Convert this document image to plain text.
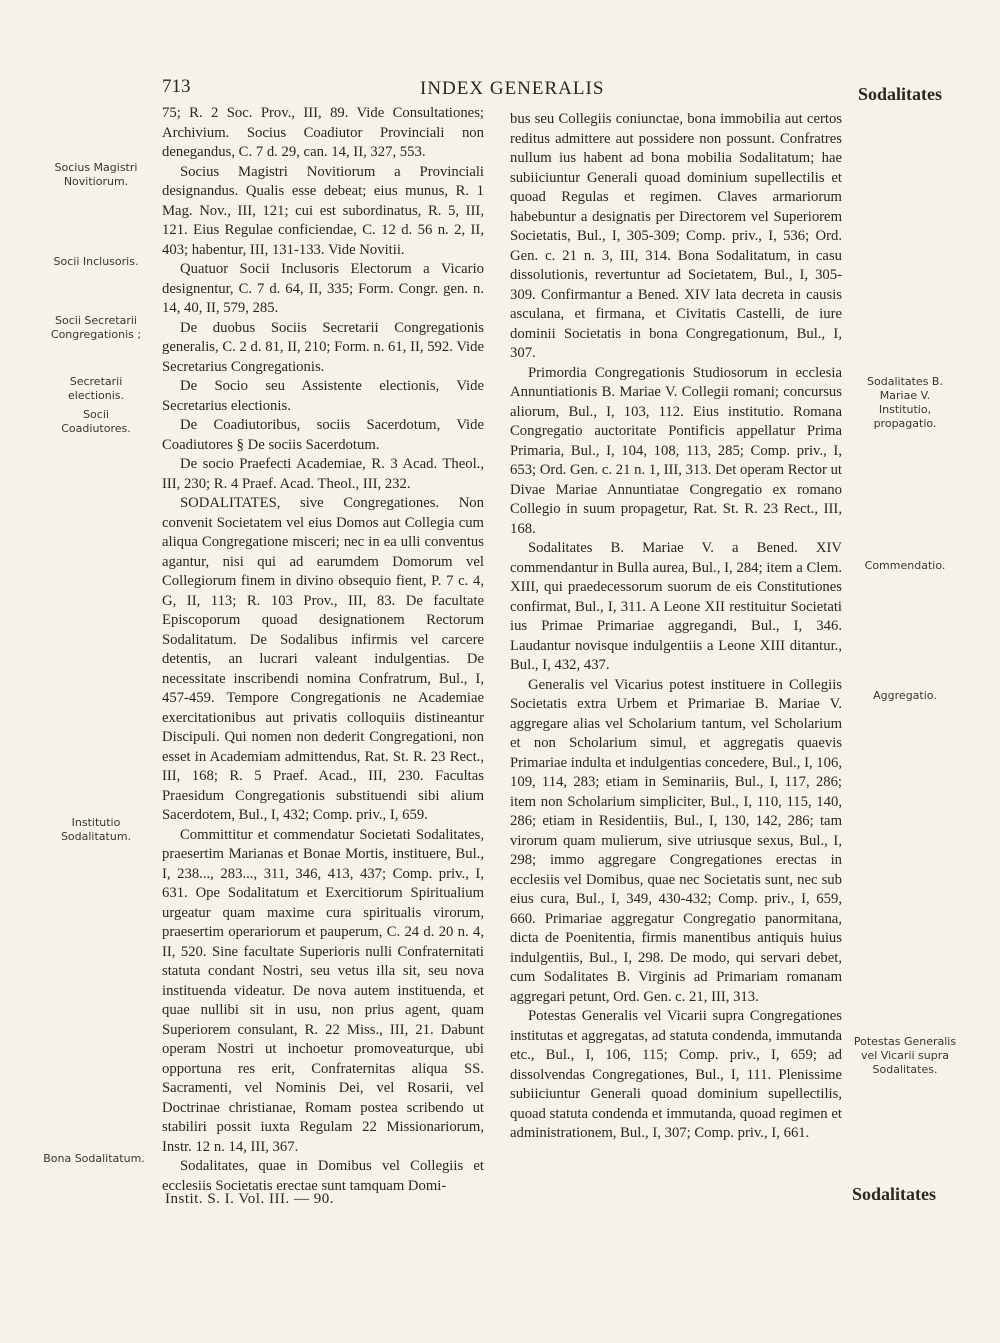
713	INDEX GENERALIS	Sodalitates
Socius Magistri Novitiorum.
Socii Inclusoris.
Socii Secretarii Congregationis ;
Secretarii electionis.
Socii Coadiutores.
Institutio Sodalitatum.
Bona Sodalitatum.
Sodalitates B. Mariae V. Institutio, propagatio.
Commendatio.
Aggregatio.
Potestas Generalis vel Vicarii supra Sodalitates.

75; R. 2 Soc. Prov., III, 89. Vide Consultationes; Archivium. Socius Coadiutor Provinciali non denegandus, C. 7 d. 29, can. 14, II, 327, 553.

Socius Magistri Novitiorum a Provinciali designandus. Qualis esse debeat; eius munus, R. 1 Mag. Nov., III, 121; cui est subordinatus, R. 5, III, 121. Eius Regulae conficiendae, C. 12 d. 56 n. 2, II, 403; habentur, III, 131-133. Vide Novitii.

Quatuor Socii Inclusoris Electorum a Vicario designentur, C. 7 d. 64, II, 335; Form. Congr. gen. n. 14, 40, II, 579, 285.

De duobus Sociis Secretarii Congregationis generalis, C. 2 d. 81, II, 210; Form. n. 61, II, 592. Vide Secretarius Congregationis.

De Socio seu Assistente electionis, Vide Secretarius electionis.

De Coadiutoribus, sociis Sacerdotum, Vide Coadiutores § De sociis Sacerdotum.

De socio Praefecti Academiae, R. 3 Acad. Theol., III, 230; R. 4 Praef. Acad. Theol., III, 232.

SODALITATES, sive Congregationes. Non convenit Societatem vel eius Domos aut Collegia cum aliqua Congregatione misceri; nec in ea ulli conventus agantur, nisi qui ad earumdem Domorum vel Collegiorum finem in divino obsequio fient, P. 7 c. 4, G, II, 113; R. 103 Prov., III, 83. De facultate Episcoporum quoad designationem Rectorum Sodalitatum. De Sodalibus infirmis vel carcere detentis, an lucrari valeant indulgentias. De necessitate inscribendi nomina Confratrum, Bul., I, 457-459. Tempore Congregationis ne Academiae exercitationibus aut privatis colloquiis distineantur Discipuli. Qui nomen non dederit Congregationi, non esset in Academiam admittendus, Rat. St. R. 23 Rect., III, 168; R. 5 Praef. Acad., III, 230. Facultas Praesidum Congregationis substituendi sibi alium Sacerdotem, Bul., I, 432; Comp. priv., I, 659.

Committitur et commendatur Societati Sodalitates, praesertim Marianas et Bonae Mortis, instituere, Bul., I, 238..., 283..., 311, 346, 413, 437; Comp. priv., I, 631. Ope Sodalitatum et Exercitiorum Spiritualium urgeatur quam maxime cura spiritualis virorum, praesertim operariorum et pauperum, C. 24 d. 20 n. 4, II, 520. Sine facultate Superioris nulli Confraternitati statuta condant Nostri, seu vetus illa sit, seu nova instituenda videatur. De nova autem instituenda, et quae nullibi sit in usu, non prius agent, quam Superiorem consulant, R. 22 Miss., III, 21. Dabunt operam Nostri ut inchoetur promoveaturque, ubi opportuna res erit, Confraternitas aliqua SS. Sacramenti, vel Nominis Dei, vel Rosarii, vel Doctrinae christianae, Romam postea scribendo ut stabiliri possit iuxta Regulam 22 Missionariorum, Instr. 12 n. 14, III, 367.

Sodalitates, quae in Domibus vel Collegiis et ecclesiis Societatis erectae sunt tamquam Domi-

bus seu Collegiis coniunctae, bona immobilia aut certos reditus admittere aut possidere non possunt. Confratres nullum ius habent ad bona mobilia Sodalitatum; hae subiiciuntur Generali quoad dominium supellectilis et quoad Regulas et regimen. Claves armariorum habebuntur a designatis per Directorem vel Superiorem Societatis, Bul., I, 305-309; Comp. priv., I, 536; Ord. Gen. c. 21 n. 3, III, 314. Bona Sodalitatum, in casu dissolutionis, revertuntur ad Societatem, Bul., I, 305-309. Confirmantur a Bened. XIV lata decreta in causis asculana, et firmana, et Civitatis Castelli, de iure dominii Societatis in bona Congregationum, Bul., I, 307.

Primordia Congregationis Studiosorum in ecclesia Annuntiationis B. Mariae V. Collegii romani; concursus aliorum, Bul., I, 103, 112. Eius institutio. Romana Congregatio auctoritate Pontificis appellatur Prima Primaria, Bul., I, 104, 108, 113, 285; Comp. priv., I, 653; Ord. Gen. c. 21 n. 1, III, 313. Det operam Rector ut Divae Mariae Annuntiatae Congregatio ex romano Collegio in suum propagetur, Rat. St. R. 23 Rect., III, 168.

Sodalitates B. Mariae V. a Bened. XIV commendantur in Bulla aurea, Bul., I, 284; item a Clem. XIII, qui praedecessorum suorum de eis Constitutiones confirmat, Bul., I, 311. A Leone XII restituitur Societati ius Primae Primariae aggregandi, Bul., I, 346. Laudantur novisque indulgentiis a Leone XIII ditantur., Bul., I, 432, 437.

Generalis vel Vicarius potest instituere in Collegiis Societatis extra Urbem et Primariae B. Mariae V. aggregare alias vel Scholarium tantum, vel Scholarium et non Scholarium simul, et aggregatis quaevis Primariae indulta et indulgentias concedere, Bul., I, 106, 109, 114, 283; etiam in Seminariis, Bul., I, 117, 286; item non Scholarium simpliciter, Bul., I, 110, 115, 140, 286; etiam in Residentiis, Bul., I, 130, 142, 286; tam virorum quam mulierum, sive utriusque sexus, Bul., I, 298; immo aggregare Congregationes erectas in ecclesiis vel Domibus, quae nec Societatis sunt, nec sub eius cura, Bul., I, 349, 430-432; Comp. priv., I, 659, 660. Primariae aggregatur Congregatio panormitana, dicta de Poenitentia, firmis manentibus antiquis huius indulgentiis, Bul., I, 298. De modo, qui servari debet, cum Sodalitates B. Virginis ad Primariam romanam aggregari petunt, Ord. Gen. c. 21, III, 313.

Potestas Generalis vel Vicarii supra Congregationes institutas et aggregatas, ad statuta condenda, immutanda etc., Bul., I, 106, 115; Comp. priv., I, 659; ad dissolvendas Congregationes, Bul., I, 111. Plenissime subiiciuntur Generali quoad dominium supellectilis, quoad statuta condenda et immutanda, quoad regimen et administrationem, Bul., I, 307; Comp. priv., I, 661.

Instit. S. I. Vol. III. — 90.	Sodalitates
